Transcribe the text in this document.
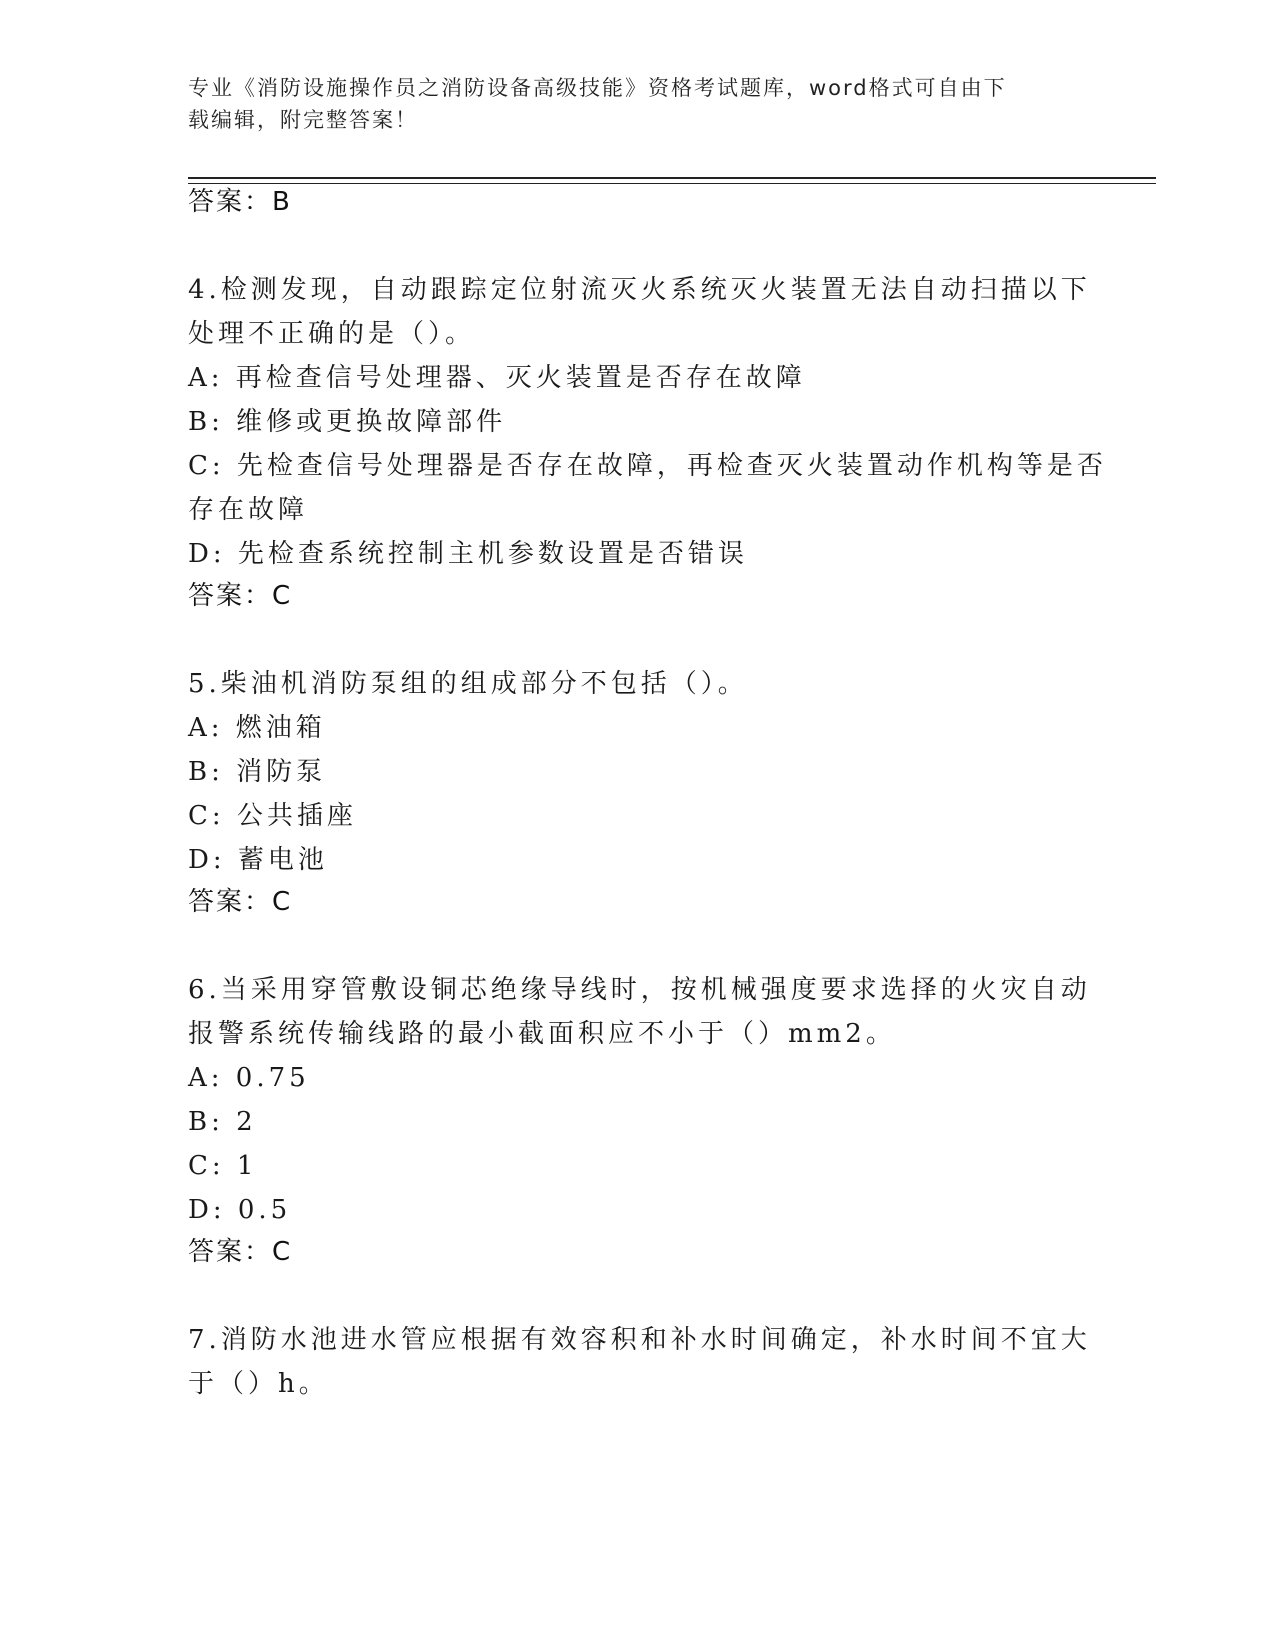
专业《消防设施操作员之消防设备高级技能》资格考试题库，word格式可自由下
载编辑，附完整答案！
答案：B
4.检测发现，自动跟踪定位射流灭火系统灭火装置无法自动扫描以下
处理不正确的是（）。
A: 再检查信号处理器、灭火装置是否存在故障
B: 维修或更换故障部件
C: 先检查信号处理器是否存在故障，再检查灭火装置动作机构等是否
存在故障
D: 先检查系统控制主机参数设置是否错误
答案：C
5.柴油机消防泵组的组成部分不包括（）。
A: 燃油箱
B: 消防泵
C: 公共插座
D: 蓄电池
答案：C
6.当采用穿管敷设铜芯绝缘导线时，按机械强度要求选择的火灾自动
报警系统传输线路的最小截面积应不小于（）mm2。
A: 0.75
B: 2
C: 1
D: 0.5
答案：C
7.消防水池进水管应根据有效容积和补水时间确定，补水时间不宜大
于（）h。
